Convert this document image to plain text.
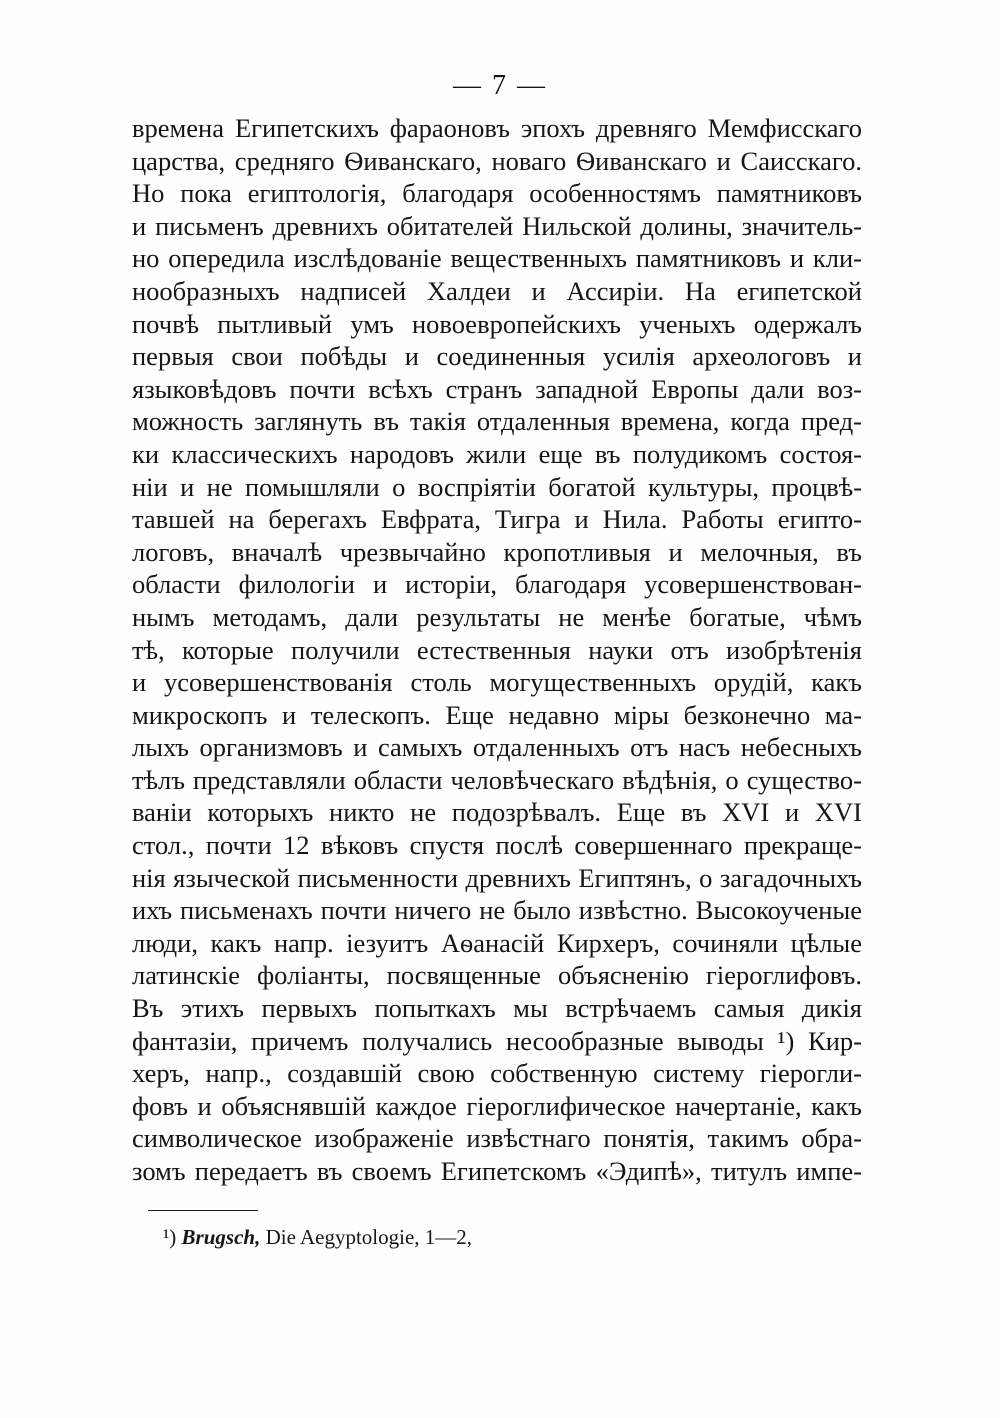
— 7 —
времена Египетскихъ фараоновъ эпохъ древняго Мемфисскаго
царства, средняго Ѳиванскаго, новаго Ѳиванскаго и Саисскаго.
Но пока египтологія, благодаря особенностямъ памятниковъ
и письменъ древнихъ обитателей Нильской долины, значитель-
но опередила изслѣдованіе вещественныхъ памятниковъ и кли-
нообразныхъ надписей Халдеи и Ассиріи. На египетской
почвѣ пытливый умъ новоевропейскихъ ученыхъ одержалъ
первыя свои побѣды и соединенныя усилія археологовъ и
языковѣдовъ почти всѣхъ странъ западной Европы дали воз-
можность заглянуть въ такія отдаленныя времена, когда пред-
ки классическихъ народовъ жили еще въ полудикомъ состоя-
ніи и не помышляли о воспріятіи богатой культуры, процвѣ-
тавшей на берегахъ Евфрата, Тигра и Нила. Работы египто-
логовъ, вначалѣ чрезвычайно кропотливыя и мелочныя, въ
области филологіи и исторіи, благодаря усовершенствован-
нымъ методамъ, дали результаты не менѣе богатые, чѣмъ
тѣ, которые получили естественныя науки отъ изобрѣтенія
и усовершенствованія столь могущественныхъ орудій, какъ
микроскопъ и телескопъ. Еще недавно міры безконечно ма-
лыхъ организмовъ и самыхъ отдаленныхъ отъ насъ небесныхъ
тѣлъ представляли области человѣческаго вѣдѣнія, о существо-
ваніи которыхъ никто не подозрѣвалъ. Еще въ XVI и XVI
стол., почти 12 вѣковъ спустя послѣ совершеннаго прекраще-
нія языческой письменности древнихъ Египтянъ, о загадочныхъ
ихъ письменахъ почти ничего не было извѣстно. Высокоученые
люди, какъ напр. іезуитъ Аѳанасій Кирхеръ, сочиняли цѣлые
латинскіе фоліанты, посвященные объясненію гіероглифовъ.
Въ этихъ первыхъ попыткахъ мы встрѣчаемъ самыя дикія
фантазіи, причемъ получались несообразные выводы ¹) Кир-
херъ, напр., создавшій свою собственную систему гіерогли-
фовъ и объяснявшій каждое гіероглифическое начертаніе, какъ
символическое изображеніе извѣстнаго понятія, такимъ обра-
зомъ передаетъ въ своемъ Египетскомъ «Эдипѣ», титулъ импе-
¹) Brugsch, Die Aegyptologie, 1—2,
